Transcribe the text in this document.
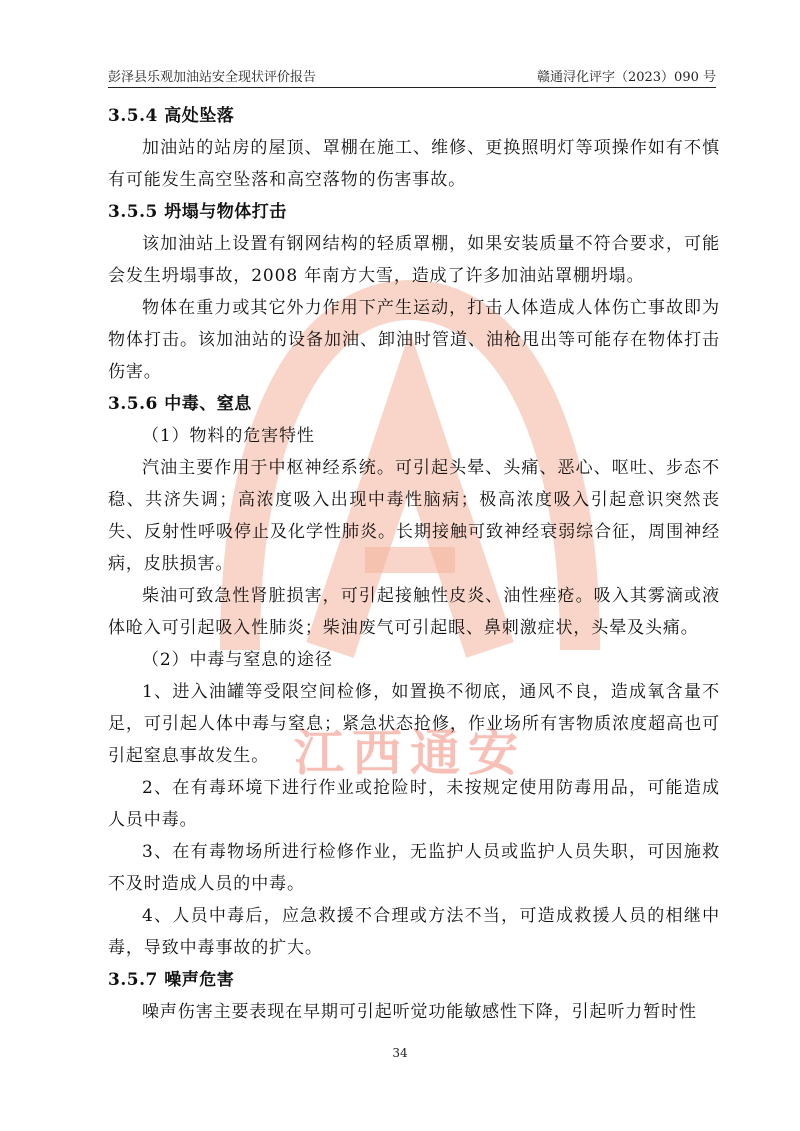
江西通安
彭泽县乐观加油站安全现状评价报告	赣通浔化评字（2023）090 号
3.5.4 高处坠落

加油站的站房的屋顶、罩棚在施工、维修、更换照明灯等项操作如有不慎有可能发生高空坠落和高空落物的伤害事故。

3.5.5 坍塌与物体打击

该加油站上设置有钢网结构的轻质罩棚，如果安装质量不符合要求，可能会发生坍塌事故，2008 年南方大雪，造成了许多加油站罩棚坍塌。

物体在重力或其它外力作用下产生运动，打击人体造成人体伤亡事故即为物体打击。该加油站的设备加油、卸油时管道、油枪甩出等可能存在物体打击伤害。

3.5.6 中毒、窒息

（1）物料的危害特性

汽油主要作用于中枢神经系统。可引起头晕、头痛、恶心、呕吐、步态不稳、共济失调；高浓度吸入出现中毒性脑病；极高浓度吸入引起意识突然丧失、反射性呼吸停止及化学性肺炎。长期接触可致神经衰弱综合征，周围神经病，皮肤损害。

柴油可致急性肾脏损害，可引起接触性皮炎、油性痤疮。吸入其雾滴或液体呛入可引起吸入性肺炎；柴油废气可引起眼、鼻刺激症状，头晕及头痛。

（2）中毒与窒息的途径

1、进入油罐等受限空间检修，如置换不彻底，通风不良，造成氧含量不足，可引起人体中毒与窒息；紧急状态抢修，作业场所有害物质浓度超高也可引起窒息事故发生。

2、在有毒环境下进行作业或抢险时，未按规定使用防毒用品，可能造成人员中毒。

3、在有毒物场所进行检修作业，无监护人员或监护人员失职，可因施救不及时造成人员的中毒。

4、人员中毒后，应急救援不合理或方法不当，可造成救援人员的相继中毒，导致中毒事故的扩大。

3.5.7 噪声危害

噪声伤害主要表现在早期可引起听觉功能敏感性下降，引起听力暂时性

34
